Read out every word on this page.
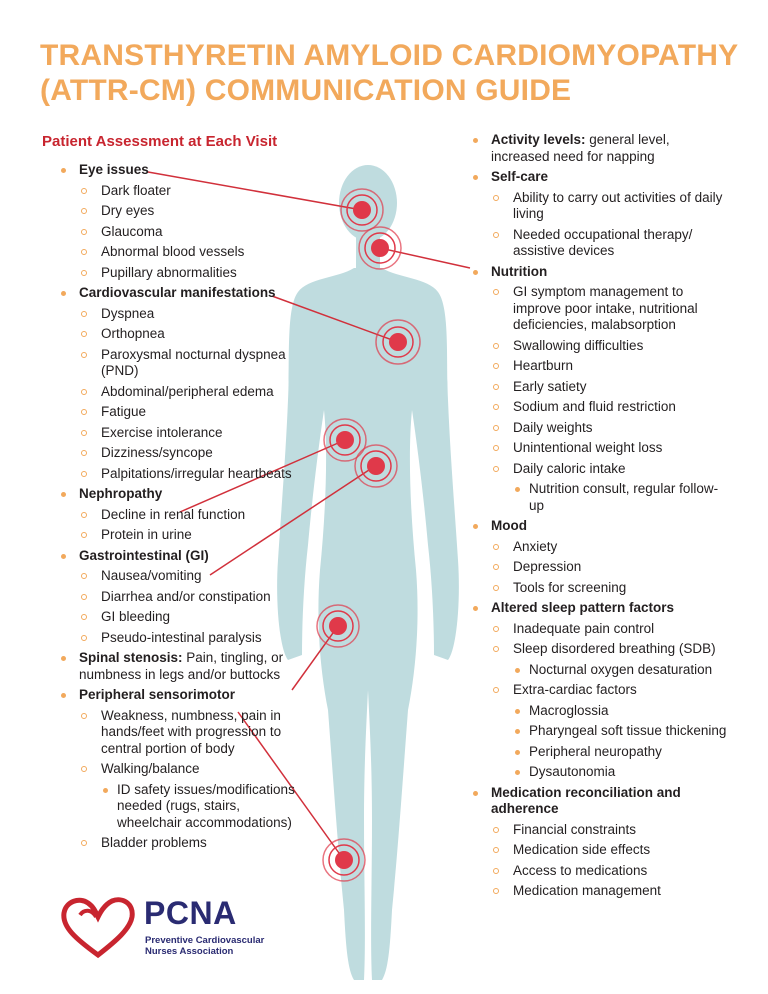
TRANSTHYRETIN AMYLOID CARDIOMYOPATHY
(ATTR-CM) COMMUNICATION GUIDE
Patient Assessment at Each Visit
Eye issues
Dark floater
Dry eyes
Glaucoma
Abnormal blood vessels
Pupillary abnormalities
Cardiovascular manifestations
Dyspnea
Orthopnea
Paroxysmal nocturnal dyspnea (PND)
Abdominal/peripheral edema
Fatigue
Exercise intolerance
Dizziness/syncope
Palpitations/irregular heartbeats
Nephropathy
Decline in renal function
Protein in urine
Gastrointestinal (GI)
Nausea/vomiting
Diarrhea and/or constipation
GI bleeding
Pseudo-intestinal paralysis
Spinal stenosis: Pain, tingling, or numbness in legs and/or buttocks
Peripheral sensorimotor
Weakness, numbness, pain in hands/feet with progression to central portion of body
Walking/balance
ID safety issues/modifications needed (rugs, stairs, wheelchair accommodations)
Bladder problems
Activity levels: general level, increased need for napping
Self-care
Ability to carry out activities of daily living
Needed occupational therapy/ assistive devices
Nutrition
GI symptom management to improve poor intake, nutritional deficiencies, malabsorption
Swallowing difficulties
Heartburn
Early satiety
Sodium and fluid restriction
Daily weights
Unintentional weight loss
Daily caloric intake
Nutrition consult, regular follow-up
Mood
Anxiety
Depression
Tools for screening
Altered sleep pattern factors
Inadequate pain control
Sleep disordered breathing (SDB)
Nocturnal oxygen desaturation
Extra-cardiac factors
Macroglossia
Pharyngeal soft tissue thickening
Peripheral neuropathy
Dysautonomia
Medication reconciliation and adherence
Financial constraints
Medication side effects
Access to medications
Medication management
PCNA
Preventive Cardiovascular
Nurses Association
